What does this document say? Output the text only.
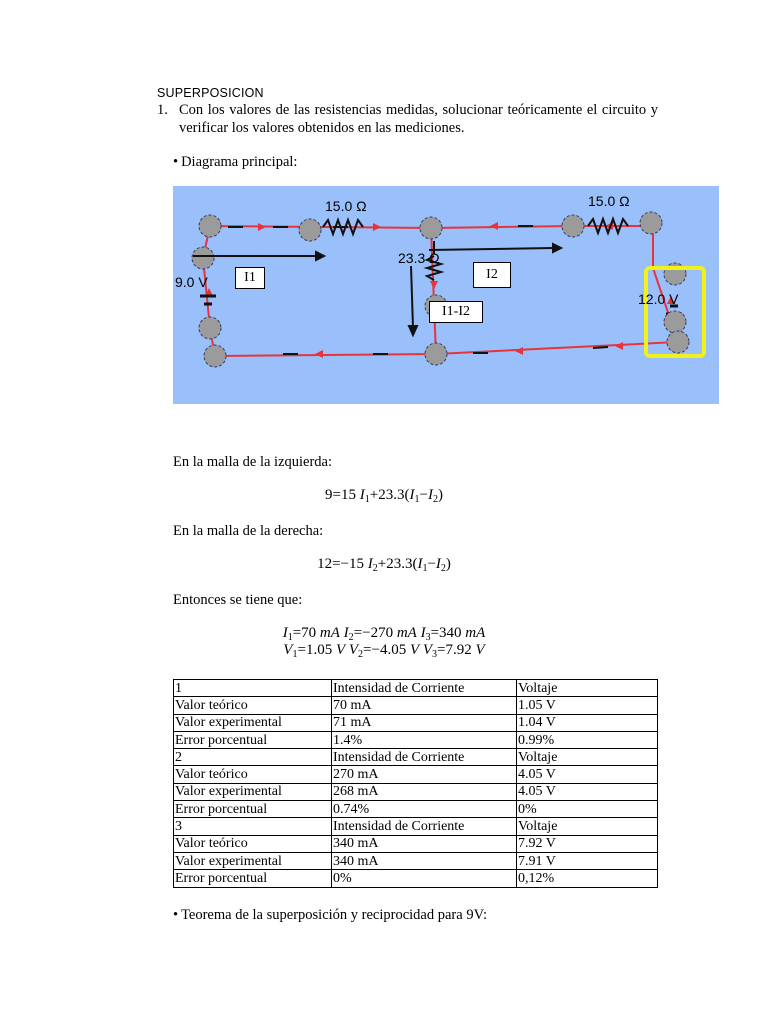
SUPERPOSICION
1. Con los valores de las resistencias medidas, solucionar teóricamente el circuito y verificar los valores obtenidos en las mediciones.
• Diagrama principal:
15.0 Ω	15.0 Ω
23.3 Ω
9.0 V
12.0 V
I1	I2
I1-I2
En la malla de la izquierda:
9=15 $I_1+23.3(I_1-I_2)$
En la malla de la derecha:
12=−15 $I_2+23.3(I_1-I_2)$
Entonces se tiene que:
$I_1=70$ mA $I_2=-270$ mA $I_3=340$ mA
$V_1=1.05$ V $V_2=-4.05$ V $V_3=7.92$ V
1	Intensidad de Corriente	Voltaje
Valor teórico	70 mA	1.05 V
Valor experimental	71 mA	1.04 V
Error porcentual	1.4%	0.99%
2	Intensidad de Corriente	Voltaje
Valor teórico	270 mA	4.05 V
Valor experimental	268 mA	4.05 V
Error porcentual	0.74%	0%
3	Intensidad de Corriente	Voltaje
Valor teórico	340 mA	7.92 V
Valor experimental	340 mA	7.91 V
Error porcentual	0%	0,12%
• Teorema de la superposición y reciprocidad para 9V:
